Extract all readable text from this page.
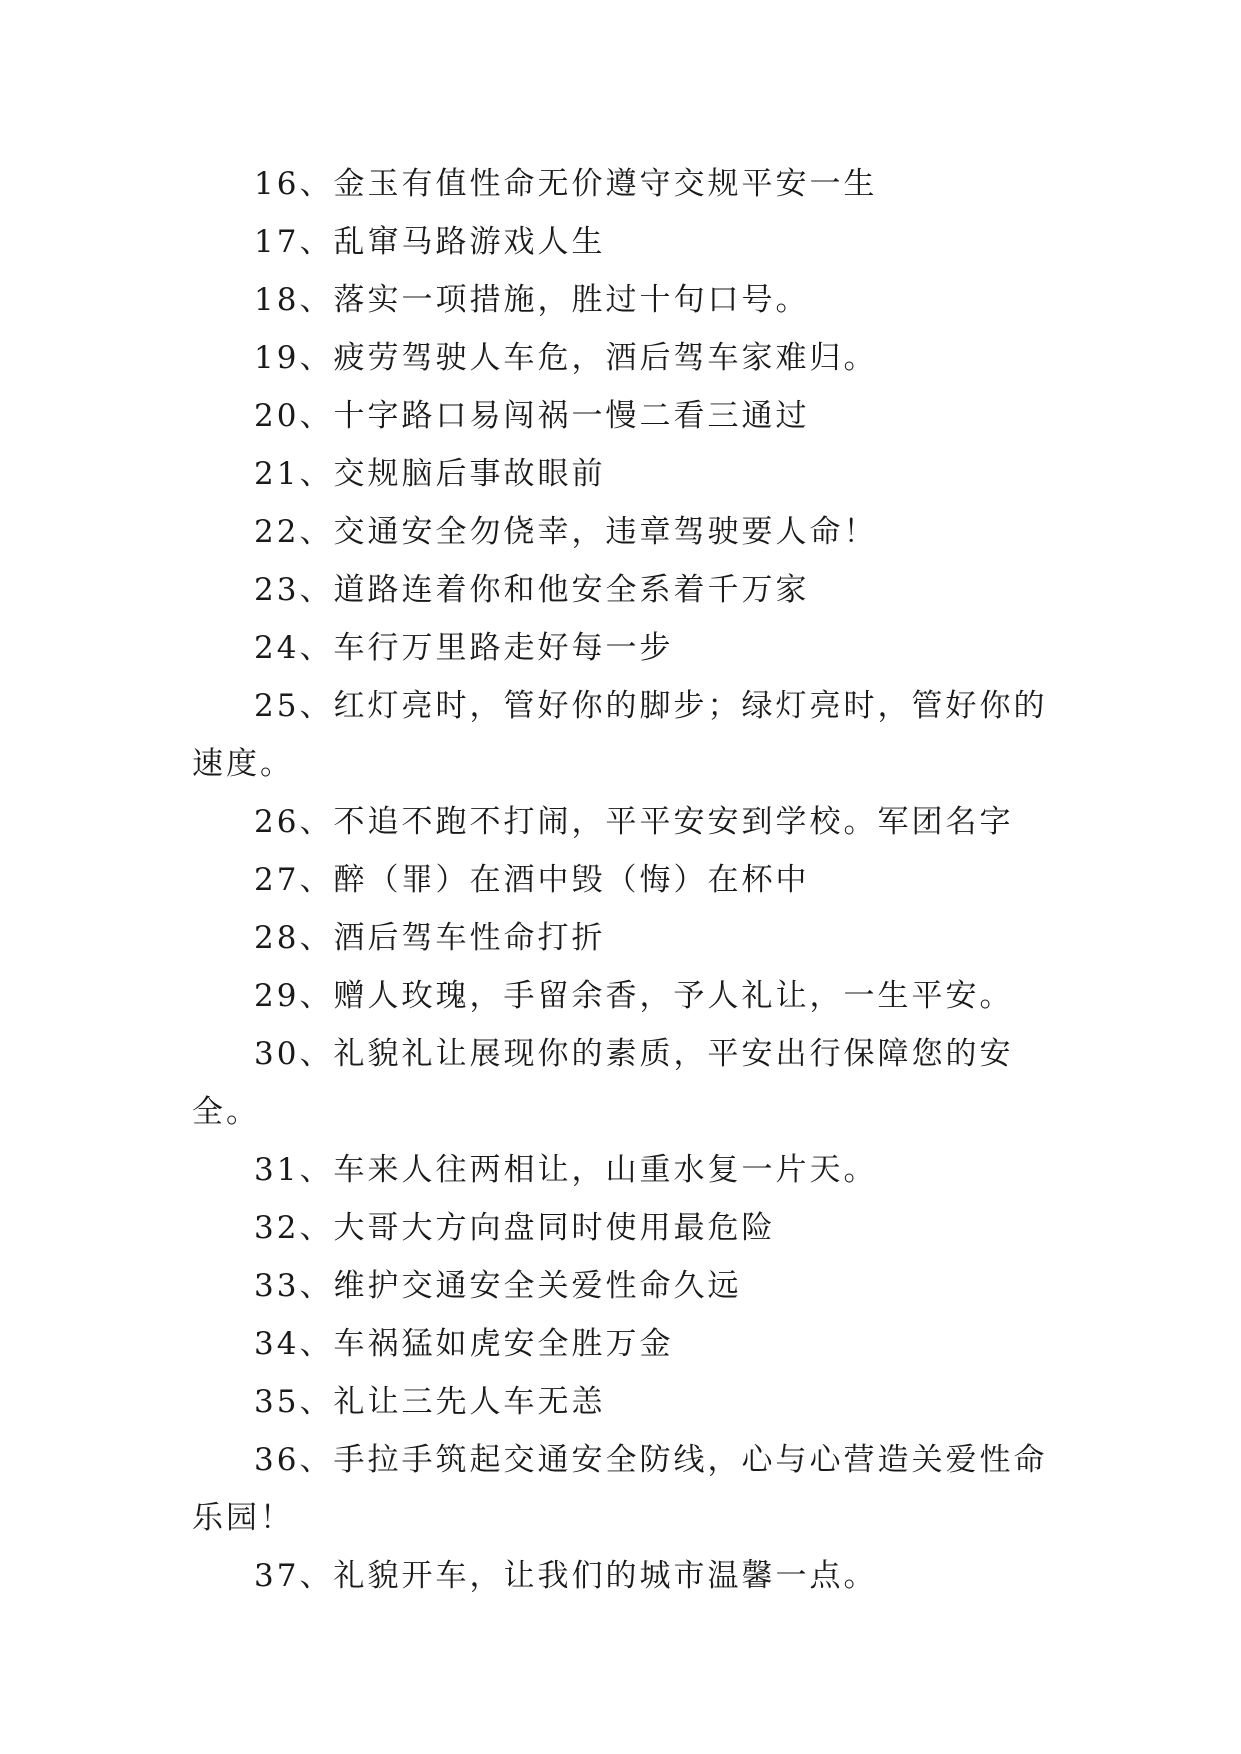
16、金玉有值性命无价遵守交规平安一生

17、乱窜马路游戏人生

18、落实一项措施，胜过十句口号。

19、疲劳驾驶人车危，酒后驾车家难归。

20、十字路口易闯祸一慢二看三通过

21、交规脑后事故眼前

22、交通安全勿侥幸，违章驾驶要人命！

23、道路连着你和他安全系着千万家

24、车行万里路走好每一步

25、红灯亮时，管好你的脚步；绿灯亮时，管好你的速度。

26、不追不跑不打闹，平平安安到学校。军团名字

27、醉（罪）在酒中毁（悔）在杯中

28、酒后驾车性命打折

29、赠人玫瑰，手留余香，予人礼让，一生平安。

30、礼貌礼让展现你的素质，平安出行保障您的安全。

31、车来人往两相让，山重水复一片天。

32、大哥大方向盘同时使用最危险

33、维护交通安全关爱性命久远

34、车祸猛如虎安全胜万金

35、礼让三先人车无恙

36、手拉手筑起交通安全防线，心与心营造关爱性命乐园！

37、礼貌开车，让我们的城市温馨一点。
